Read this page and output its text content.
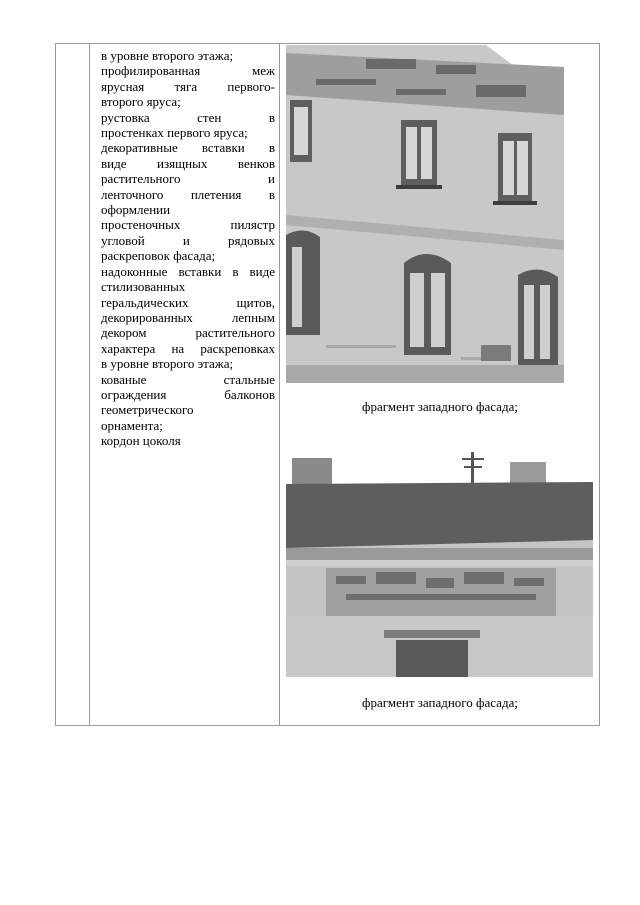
в уровне второго этажа;

профилированная меж

ярусная тяга первого-

второго яруса;

рустовка стен в

простенках первого яруса;

декоративные вставки в

виде изящных венков

растительного и

ленточного плетения в

оформлении

простеночных пилястр

угловой и рядовых

раскреповок фасада;

надоконные вставки в виде

стилизованных

геральдических щитов,

декорированных лепным

декором растительного

характера на раскреповках

в уровне второго этажа;

кованые стальные

ограждения балконов

геометрического

орнамента;

кордон цоколя

фрагмент западного фасада;
фрагмент западного фасада;
